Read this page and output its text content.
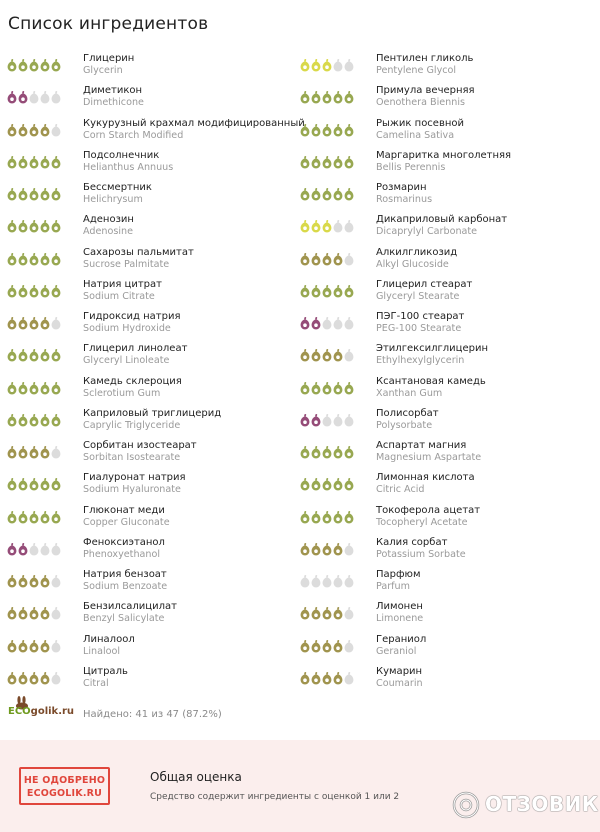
Список ингредиентов
Глицерин
Glycerin
Пентилен гликоль
Pentylene Glycol
Диметикон
Dimethicone
Примула вечерняя
Oenothera Biennis
Кукурузный крахмал модифицированный
Corn Starch Modified
Рыжик посевной
Camelina Sativa
Подсолнечник
Helianthus Annuus
Маргаритка многолетняя
Bellis Perennis
Бессмертник
Helichrysum
Розмарин
Rosmarinus
Аденозин
Adenosine
Дикаприловый карбонат
Dicaprylyl Carbonate
Сахарозы пальмитат
Sucrose Palmitate
Алкилгликозид
Alkyl Glucoside
Натрия цитрат
Sodium Citrate
Глицерил стеарат
Glyceryl Stearate
Гидроксид натрия
Sodium Hydroxide
ПЭГ-100 стеарат
PEG-100 Stearate
Глицерил линолеат
Glyceryl Linoleate
Этилгексилглицерин
Ethylhexylglycerin
Камедь склероция
Sclerotium Gum
Ксантановая камедь
Xanthan Gum
Каприловый триглицерид
Caprylic Triglyceride
Полисорбат
Polysorbate
Сорбитан изостеарат
Sorbitan Isostearate
Аспартат магния
Magnesium Aspartate
Гиалуронат натрия
Sodium Hyaluronate
Лимонная кислота
Citric Acid
Глюконат меди
Copper Gluconate
Токоферола ацетат
Tocopheryl Acetate
Феноксиэтанол
Phenoxyethanol
Калия сорбат
Potassium Sorbate
Натрия бензоат
Sodium Benzoate
Парфюм
Parfum
Бензилсалицилат
Benzyl Salicylate
Лимонен
Limonene
Линалоол
Linalool
Гераниол
Geraniol
Цитраль
Citral
Кумарин
Coumarin
ECOgolik.ru Найдено: 41 из 47 (87.2%)
НЕ ОДОБРЕНО
ECOGOLIK.RU
Общая оценка
Средство содержит ингредиенты с оценкой 1 или 2	ОТЗОВИК
